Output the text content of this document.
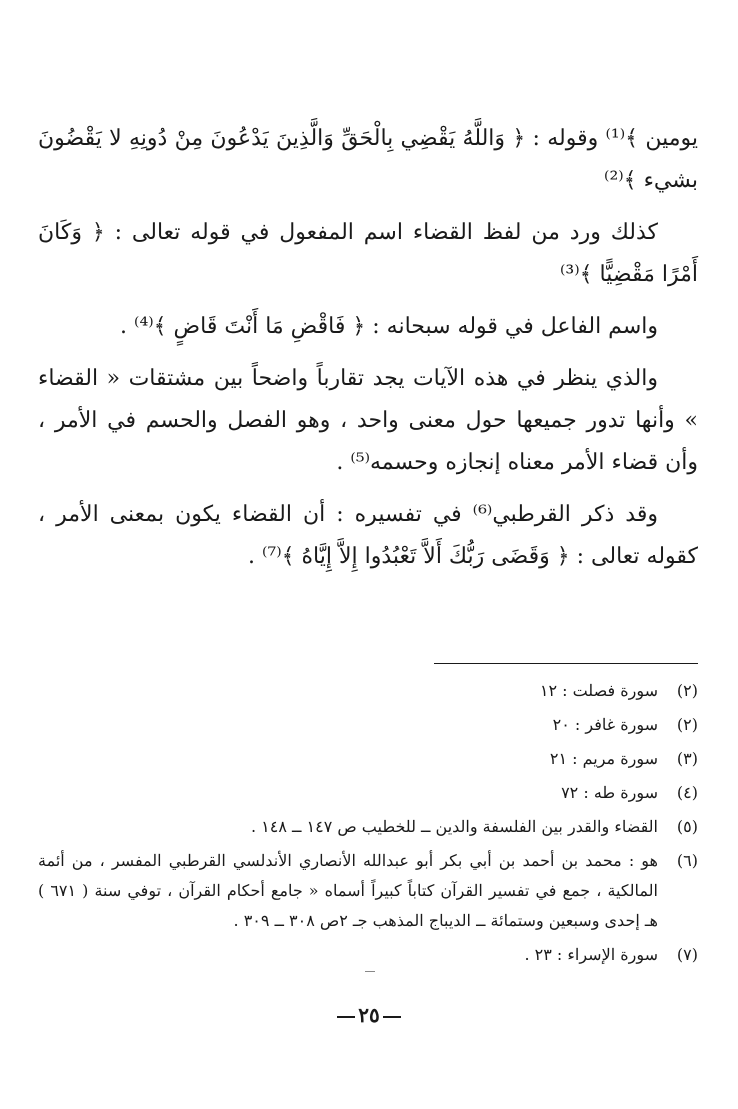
يومين ﴾⁽¹⁾ وقوله : ﴿ وَاللَّهُ يَقْضِي بِالْحَقِّ وَالَّذِينَ يَدْعُونَ مِنْ دُونِهِ لا يَقْضُونَ بشيء ﴾⁽²⁾

كذلك ورد من لفظ القضاء اسم المفعول في قوله تعالى : ﴿ وَكَانَ أَمْرًا مَقْضِيًّا ﴾⁽³⁾

واسم الفاعل في قوله سبحانه : ﴿ فَاقْضِ مَا أَنْتَ قَاضٍ ﴾⁽⁴⁾ .

والذي ينظر في هذه الآيات يجد تقارباً واضحاً بين مشتقات « القضاء » وأنها تدور جميعها حول معنى واحد ، وهو الفصل والحسم في الأمر ، وأن قضاء الأمر معناه إنجازه وحسمه⁽⁵⁾ .

وقد ذكر القرطبي⁽⁶⁾ في تفسيره : أن القضاء يكون بمعنى الأمر ، كقوله تعالى : ﴿ وَقَضَى رَبُّكَ أَلاَّ تَعْبُدُوا إِلاَّ إِيَّاهُ ﴾⁽⁷⁾ .

(٢)
سورة فصلت : ١٢
(٢)
سورة غافر : ٢٠
(٣)
سورة مريم : ٢١
(٤)
سورة طه : ٧٢
(٥)
القضاء والقدر بين الفلسفة والدين ــ للخطيب ص ١٤٧ ــ ١٤٨ .
(٦)
هو : محمد بن أحمد بن أبي بكر أبو عبدالله الأنصاري الأندلسي القرطبي المفسر ، من أئمة المالكية ، جمع في تفسير القرآن كتاباً كبيراً أسماه « جامع أحكام القرآن ، توفي سنة ( ٦٧١ ) هـ إحدى وسبعين وستمائة ــ الديباج المذهب جـ ٢ص ٣٠٨ ــ ٣٠٩ .
(٧)
سورة الإسراء : ٢٣ .
٢٥
